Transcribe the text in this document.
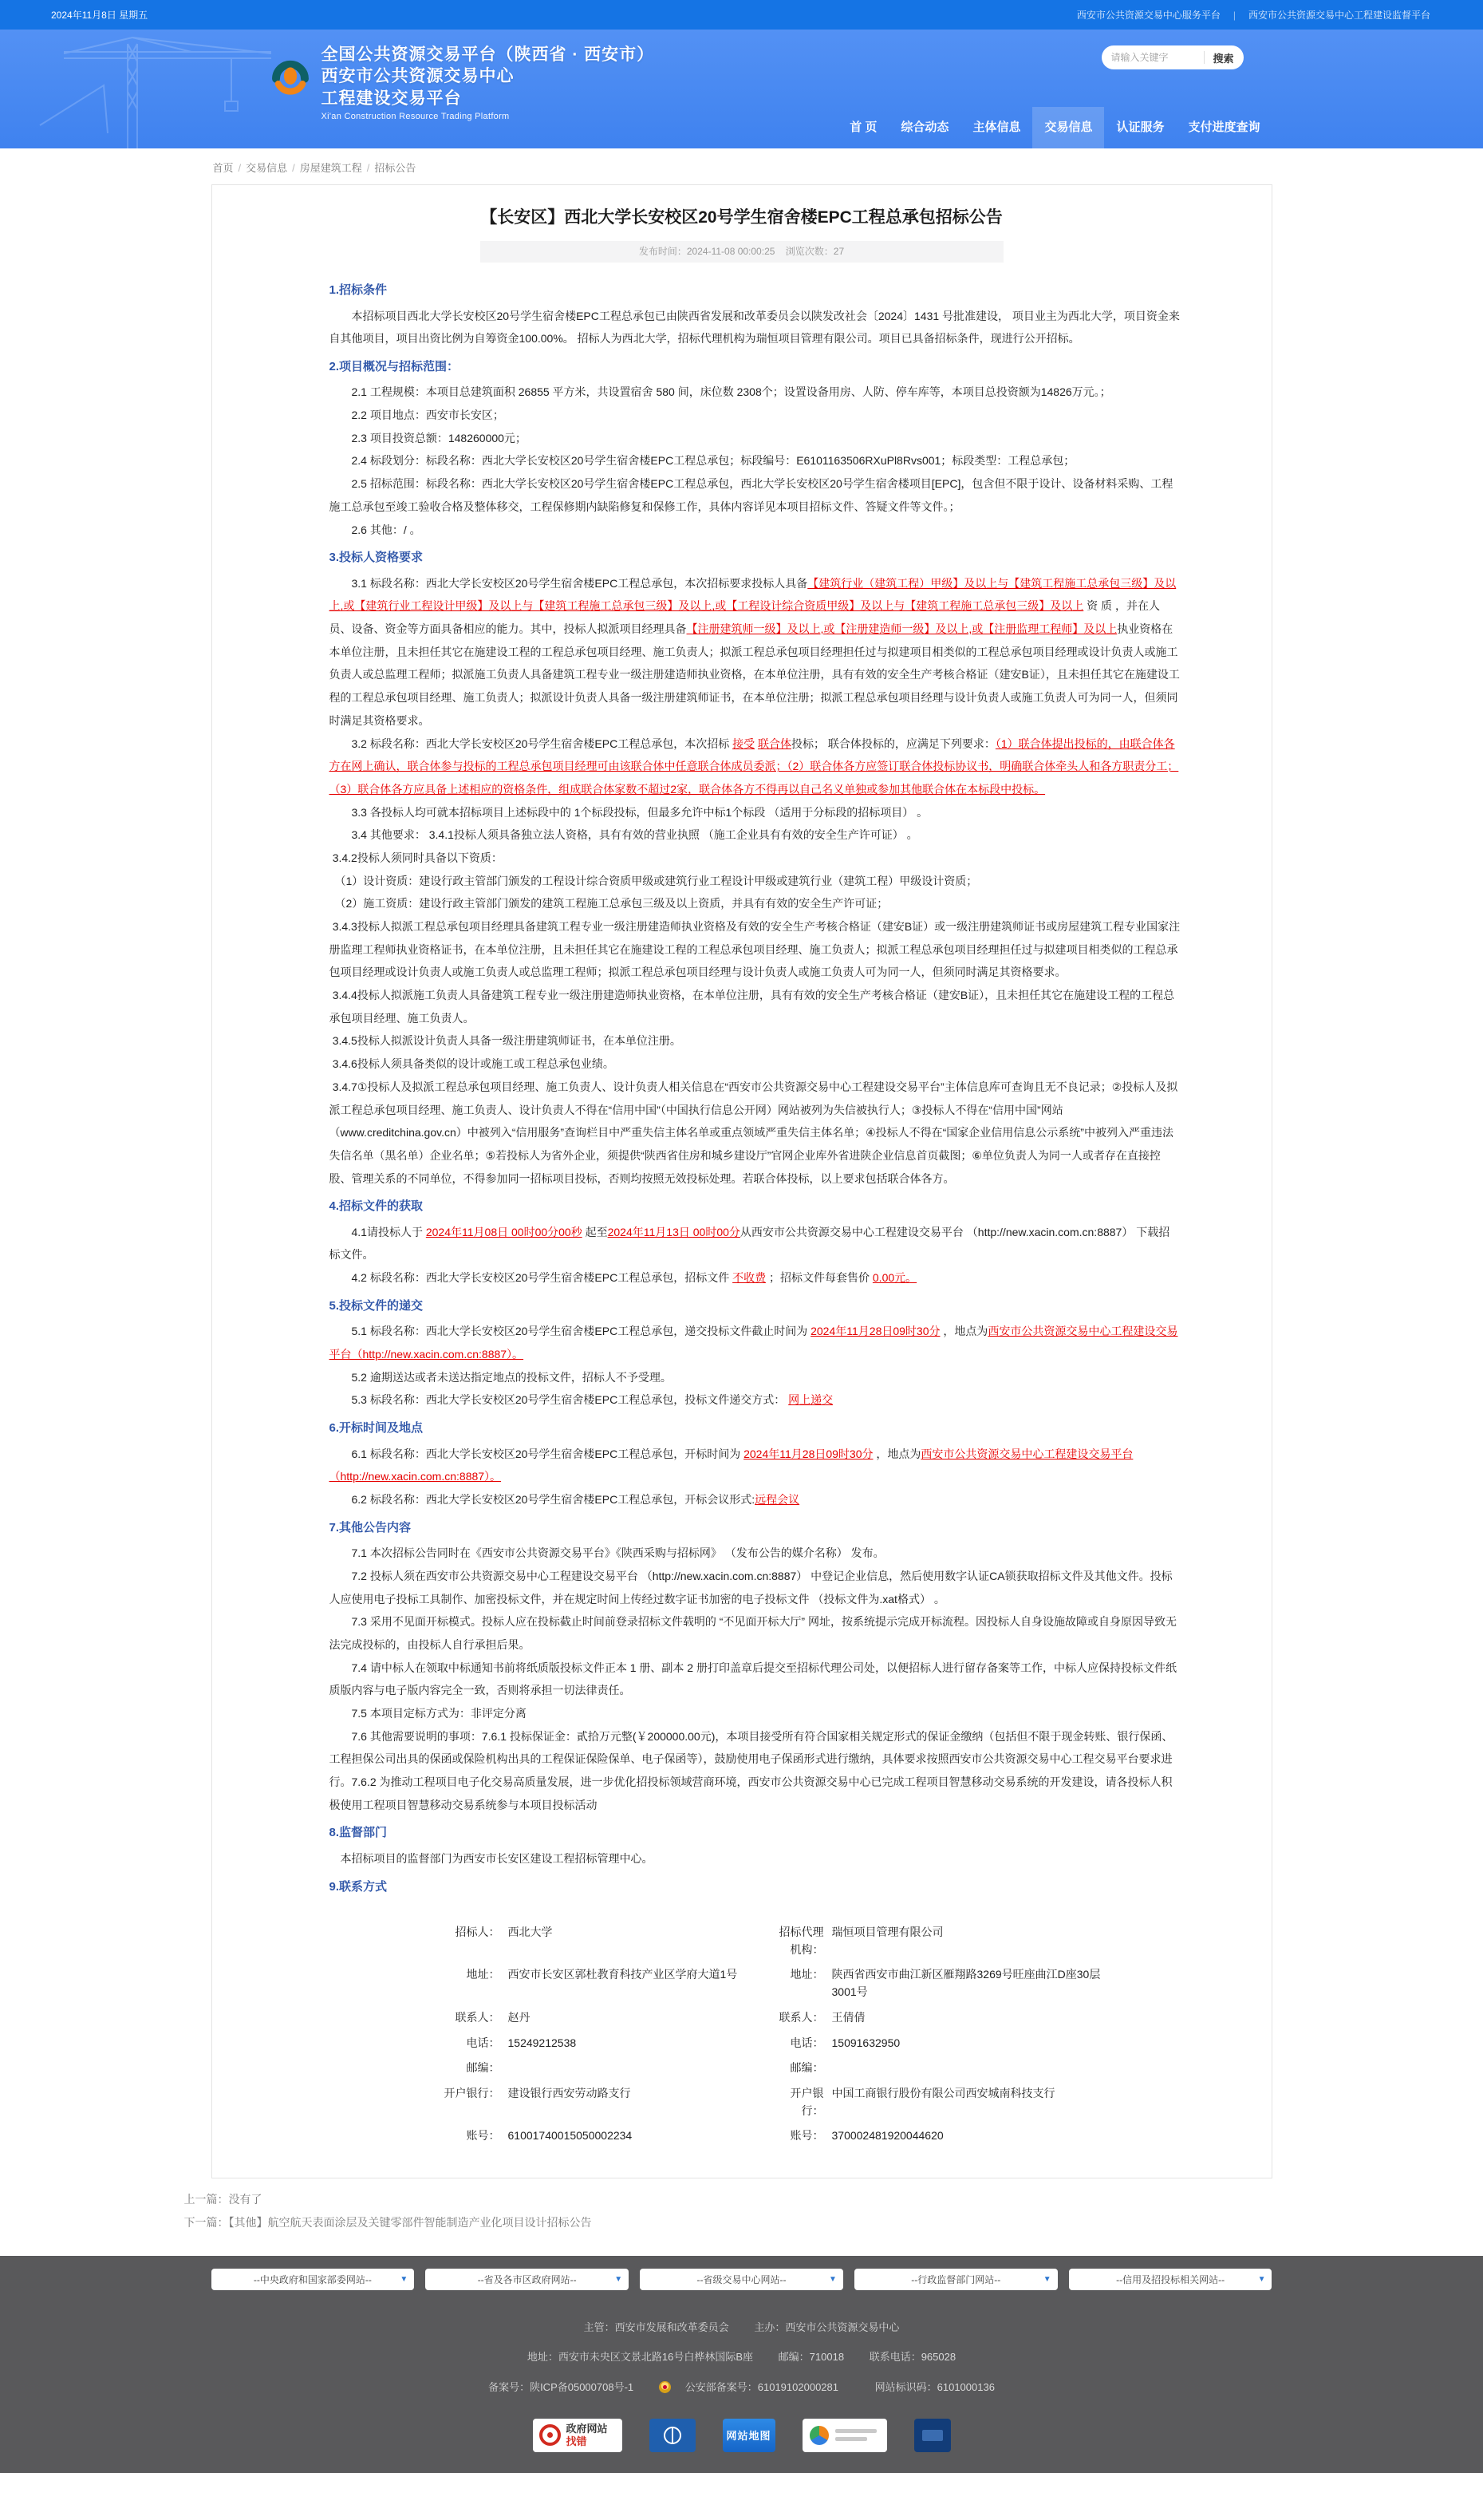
2024年11月8日 星期五	西安市公共资源交易中心服务平台 | 西安市公共资源交易中心工程建设监督平台
全国公共资源交易平台（陕西省 · 西安市）
西安市公共资源交易中心
工程建设交易平台
Xi'an Construction Resource Trading Platform
请输入关键字
搜索
首 页	综合动态	主体信息	交易信息	认证服务	支付进度查询
首页 / 交易信息 / 房屋建筑工程 / 招标公告
【长安区】西北大学长安校区20号学生宿舍楼EPC工程总承包招标公告
发布时间：2024-11-08 00:00:25 浏览次数：27
1.招标条件
本招标项目西北大学长安校区20号学生宿舍楼EPC工程总承包已由陕西省发展和改革委员会以陕发改社会〔2024〕1431 号批准建设， 项目业主为西北大学，项目资金来自其他项目，项目出资比例为自筹资金100.00%。 招标人为西北大学，招标代理机构为瑞恒项目管理有限公司。项目已具备招标条件，现进行公开招标。
2.项目概况与招标范围：
2.1 工程规模：本项目总建筑面积 26855 平方米，共设置宿舍 580 间，床位数 2308个；设置设备用房、人防、停车库等，本项目总投资额为14826万元。；
2.2 项目地点：西安市长安区；
2.3 项目投资总额：148260000元；
2.4 标段划分：标段名称：西北大学长安校区20号学生宿舍楼EPC工程总承包；标段编号：E6101163506RXuPl8Rvs001；标段类型：工程总承包；
2.5 招标范围：标段名称：西北大学长安校区20号学生宿舍楼EPC工程总承包，西北大学长安校区20号学生宿舍楼项目[EPC]，包含但不限于设计、设备材料采购、工程施工总承包至竣工验收合格及整体移交，工程保修期内缺陷修复和保修工作，具体内容详见本项目招标文件、答疑文件等文件。；
2.6 其他：/ 。
3.投标人资格要求
3.1 标段名称：西北大学长安校区20号学生宿舍楼EPC工程总承包，本次招标要求投标人具备【建筑行业（建筑工程）甲级】及以上与【建筑工程施工总承包三级】及以上,或【建筑行业工程设计甲级】及以上与【建筑工程施工总承包三级】及以上,或【工程设计综合资质甲级】及以上与【建筑工程施工总承包三级】及以上 资 质 ，并在人员、设备、资金等方面具备相应的能力。其中，投标人拟派项目经理具备【注册建筑师一级】及以上,或【注册建造师一级】及以上,或【注册监理工程师】及以上执业资格在本单位注册，且未担任其它在施建设工程的工程总承包项目经理、施工负责人；拟派工程总承包项目经理担任过与拟建项目相类似的工程总承包项目经理或设计负责人或施工负责人或总监理工程师；拟派施工负责人具备建筑工程专业一级注册建造师执业资格，在本单位注册，具有有效的安全生产考核合格证（建安B证），且未担任其它在施建设工程的工程总承包项目经理、施工负责人；拟派设计负责人具备一级注册建筑师证书，在本单位注册；拟派工程总承包项目经理与设计负责人或施工负责人可为同一人，但须同时满足其资格要求。
3.2 标段名称：西北大学长安校区20号学生宿舍楼EPC工程总承包，本次招标 接受 联合体投标； 联合体投标的，应满足下列要求：（1）联合体提出投标的，由联合体各方在网上确认，联合体参与投标的工程总承包项目经理可由该联合体中任意联合体成员委派；（2）联合体各方应签订联合体投标协议书，明确联合体牵头人和各方职责分工；（3）联合体各方应具备上述相应的资格条件，组成联合体家数不超过2家，联合体各方不得再以自己名义单独或参加其他联合体在本标段中投标。
3.3 各投标人均可就本招标项目上述标段中的 1个标段投标，但最多允许中标1个标段 （适用于分标段的招标项目） 。
3.4 其他要求： 3.4.1投标人须具备独立法人资格，具有有效的营业执照 （施工企业具有有效的安全生产许可证） 。
3.4.2投标人须同时具备以下资质：
（1）设计资质：建设行政主管部门颁发的工程设计综合资质甲级或建筑行业工程设计甲级或建筑行业（建筑工程）甲级设计资质；
（2）施工资质：建设行政主管部门颁发的建筑工程施工总承包三级及以上资质，并具有有效的安全生产许可证；
3.4.3投标人拟派工程总承包项目经理具备建筑工程专业一级注册建造师执业资格及有效的安全生产考核合格证（建安B证）或一级注册建筑师证书或房屋建筑工程专业国家注册监理工程师执业资格证书，在本单位注册，且未担任其它在施建设工程的工程总承包项目经理、施工负责人；拟派工程总承包项目经理担任过与拟建项目相类似的工程总承包项目经理或设计负责人或施工负责人或总监理工程师；拟派工程总承包项目经理与设计负责人或施工负责人可为同一人，但须同时满足其资格要求。
3.4.4投标人拟派施工负责人具备建筑工程专业一级注册建造师执业资格，在本单位注册，具有有效的安全生产考核合格证（建安B证），且未担任其它在施建设工程的工程总承包项目经理、施工负责人。
3.4.5投标人拟派设计负责人具备一级注册建筑师证书，在本单位注册。
3.4.6投标人须具备类似的设计或施工或工程总承包业绩。
3.4.7①投标人及拟派工程总承包项目经理、施工负责人、设计负责人相关信息在“西安市公共资源交易中心工程建设交易平台”主体信息库可查询且无不良记录；②投标人及拟派工程总承包项目经理、施工负责人、设计负责人不得在“信用中国”（中国执行信息公开网）网站被列为失信被执行人；③投标人不得在“信用中国”网站（www.creditchina.gov.cn）中被列入“信用服务”查询栏目中严重失信主体名单或重点领域严重失信主体名单；④投标人不得在“国家企业信用信息公示系统”中被列入严重违法失信名单（黑名单）企业名单；⑤若投标人为省外企业，须提供“陕西省住房和城乡建设厅”官网企业库外省进陕企业信息首页截图；⑥单位负责人为同一人或者存在直接控股、管理关系的不同单位，不得参加同一招标项目投标，否则均按照无效投标处理。若联合体投标，以上要求包括联合体各方。
4.招标文件的获取
4.1请投标人于 2024年11月08日 00时00分00秒 起至2024年11月13日 00时00分从西安市公共资源交易中心工程建设交易平台 （http://new.xacin.com.cn:8887） 下载招标文件。
4.2 标段名称：西北大学长安校区20号学生宿舍楼EPC工程总承包，招标文件 不收费 ；招标文件每套售价 0.00元。
5.投标文件的递交
5.1 标段名称：西北大学长安校区20号学生宿舍楼EPC工程总承包，递交投标文件截止时间为 2024年11月28日09时30分 ，地点为西安市公共资源交易中心工程建设交易平台（http://new.xacin.com.cn:8887）。
5.2 逾期送达或者未送达指定地点的投标文件，招标人不予受理。
5.3 标段名称：西北大学长安校区20号学生宿舍楼EPC工程总承包，投标文件递交方式： 网上递交
6.开标时间及地点
6.1 标段名称：西北大学长安校区20号学生宿舍楼EPC工程总承包，开标时间为 2024年11月28日09时30分 ，地点为西安市公共资源交易中心工程建设交易平台（http://new.xacin.com.cn:8887）。
6.2 标段名称：西北大学长安校区20号学生宿舍楼EPC工程总承包，开标会议形式:远程会议
7.其他公告内容
7.1 本次招标公告同时在《西安市公共资源交易平台》《陕西采购与招标网》 （发布公告的媒介名称） 发布。
7.2 投标人须在西安市公共资源交易中心工程建设交易平台 （http://new.xacin.com.cn:8887） 中登记企业信息，然后使用数字认证CA锁获取招标文件及其他文件。投标人应使用电子投标工具制作、加密投标文件，并在规定时间上传经过数字证书加密的电子投标文件 （投标文件为.xat格式） 。
7.3 采用不见面开标模式。投标人应在投标截止时间前登录招标文件载明的 “不见面开标大厅” 网址，按系统提示完成开标流程。因投标人自身设施故障或自身原因导致无法完成投标的，由投标人自行承担后果。
7.4 请中标人在领取中标通知书前将纸质版投标文件正本 1 册、副本 2 册打印盖章后提交至招标代理公司处，以便招标人进行留存备案等工作，中标人应保持投标文件纸质版内容与电子版内容完全一致，否则将承担一切法律责任。
7.5 本项目定标方式为：非评定分离
7.6 其他需要说明的事项：7.6.1 投标保证金：貳拾万元整(￥200000.00元)，本项目接受所有符合国家相关规定形式的保证金缴纳（包括但不限于现金转账、银行保函、工程担保公司出具的保函或保险机构出具的工程保证保险保单、电子保函等），鼓励使用电子保函形式进行缴纳，具体要求按照西安市公共资源交易中心工程交易平台要求进行。7.6.2 为推动工程项目电子化交易高质量发展，进一步优化招投标领域营商环境，西安市公共资源交易中心已完成工程项目智慧移动交易系统的开发建设，请各投标人积极使用工程项目智慧移动交易系统参与本项目投标活动
8.监督部门
本招标项目的监督部门为西安市长安区建设工程招标管理中心。
9.联系方式
招标人： 西北大学	招标代理机构：
瑞恒项目管理有限公司
地址： 西安市长安区郭杜教育科技产业区学府大道1号	地址： 陕西省西安市曲江新区雁翔路3269号旺座曲江D座30层3001号
联系人： 赵丹	联系人： 王倩倩
电话： 15249212538	电话： 15091632950
邮编：	邮编：
开户银行： 建设银行西安劳动路支行	开户银行：
中国工商银行股份有限公司西安城南科技支行
账号： 61001740015050002234	账号： 370002481920044620
上一篇：没有了
下一篇：【其他】航空航天表面涂层及关键零部件智能制造产业化项目设计招标公告
--中央政府和国家部委网站--	▼	--省及各市区政府网站--	▼	--省级交易中心网站--	▼	--行政监督部门网站--	▼	--信用及招投标相关网站--	▼
主管：西安市发展和改革委员会 主办：西安市公共资源交易中心
地址：西安市未央区文景北路16号白桦林国际B座 邮编：710018 联系电话：965028
备案号：陕ICP备05000708号-1	公安部备案号：61019102000281	网站标识码：6101000136
政府网站
找错	网站地图
